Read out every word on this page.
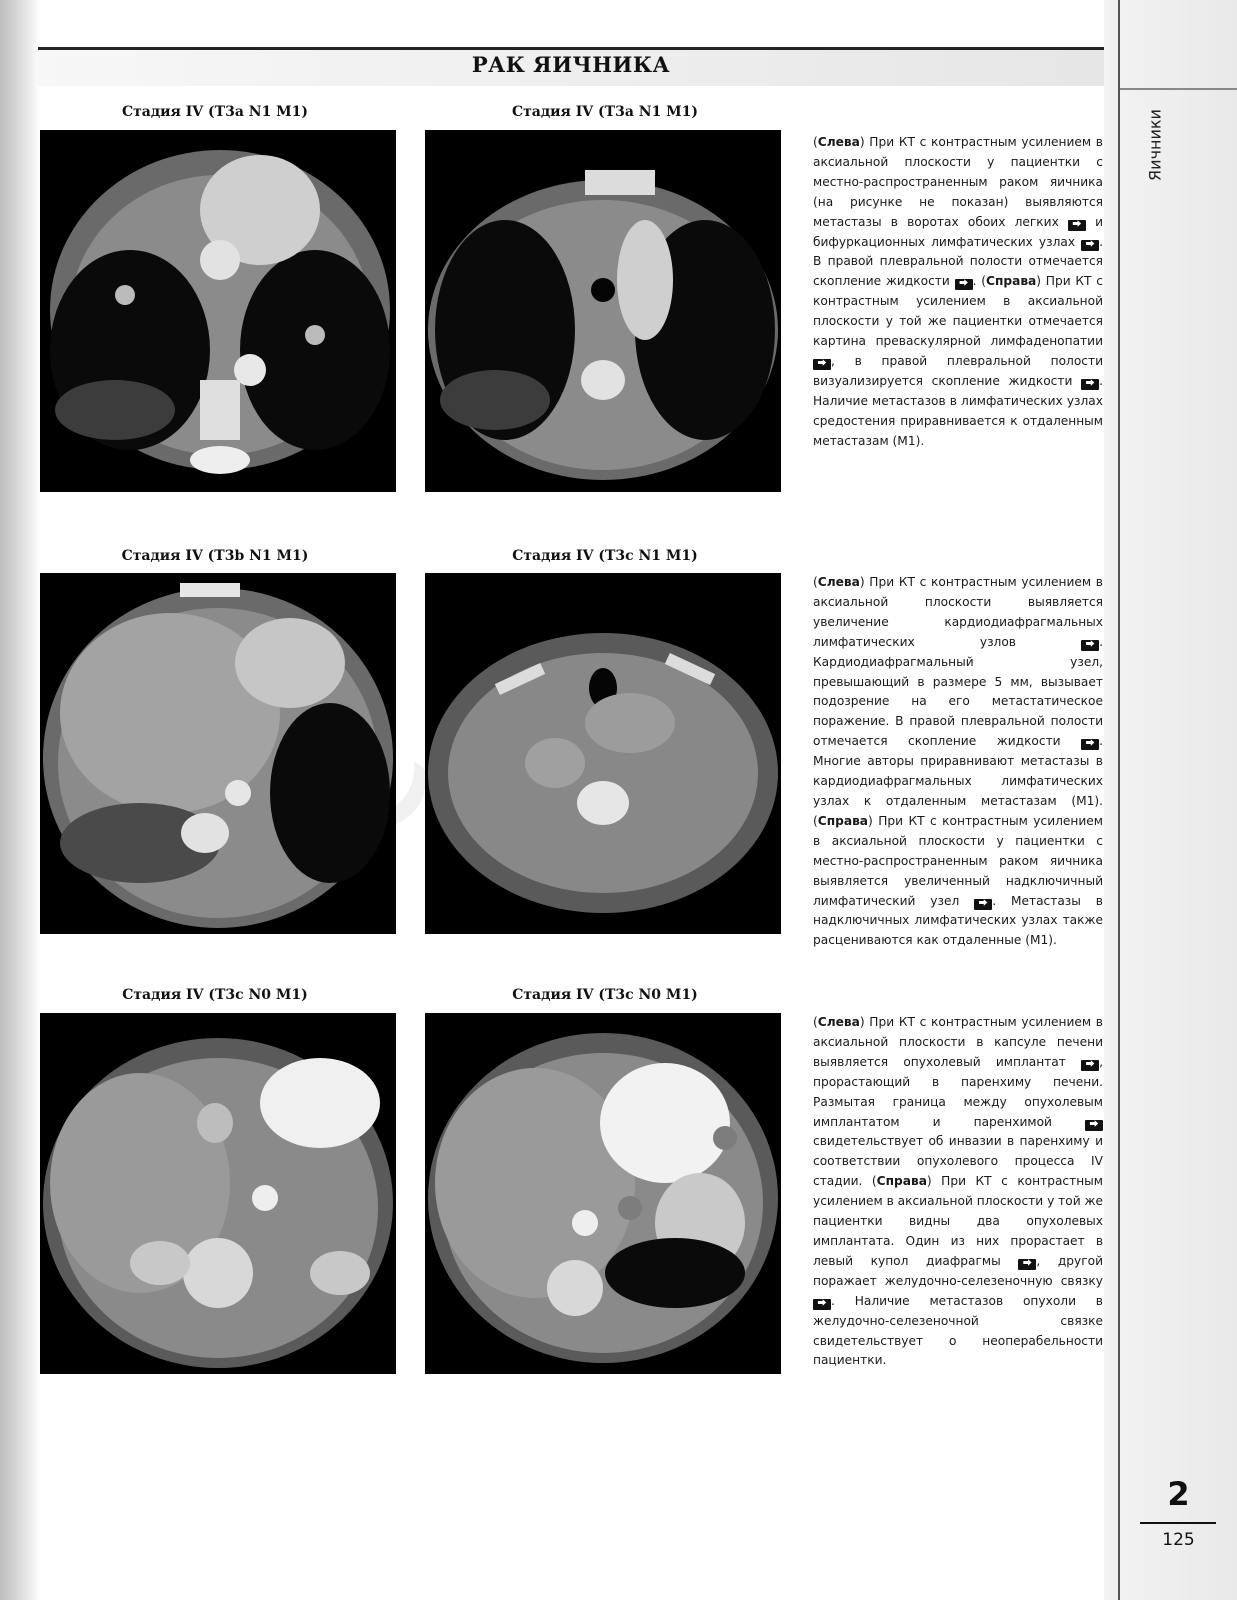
РАК ЯИЧНИКА
Яичники
2
125
Стадия IV (T3a N1 M1)	Стадия IV (T3a N1 M1)
(Слева) При КТ с контрастным усилением в аксиальной плоскости у пациентки с местно-распространенным раком яичника (на рисунке не показан) выявляются метастазы в воротах обоих легких ⮕ и бифуркационных лимфатических узлах ⮕ . В правой плевральной полости отмечается скопление жидкости ⮕ . (Справа) При КТ с контрастным усилением в аксиальной плоскости у той же пациентки отмечается картина преваскулярной лимфаденопатии ⮕ , в правой плевральной полости визуализируется скопление жидкости ⮕ . Наличие метастазов в лимфатических узлах средостения приравнивается к отдаленным метастазам (M1).
Стадия IV (T3b N1 M1)	Стадия IV (T3c N1 M1)
(Слева) При КТ с контрастным усилением в аксиальной плоскости выявляется увеличение кардиодиафрагмальных лимфатических узлов ⮕ . Кардиодиафрагмальный узел, превышающий в размере 5 мм, вызывает подозрение на его метастатическое поражение. В правой плевральной полости отмечается скопление жидкости ⮕ . Многие авторы приравнивают метастазы в кардиодиафрагмальных лимфатических узлах к отдаленным метастазам (M1). (Справа) При КТ с контрастным усилением в аксиальной плоскости у пациентки с местно-распространенным раком яичника выявляется увеличенный надключичный лимфатический узел ⮕ . Метастазы в надключичных лимфатических узлах также расцениваются как отдаленные (M1).
Стадия IV (T3c N0 M1)	Стадия IV (T3c N0 M1)
(Слева) При КТ с контрастным усилением в аксиальной плоскости в капсуле печени выявляется опухолевый имплантат ⮕ , прорастающий в паренхиму печени. Размытая граница между опухолевым имплантатом и паренхимой ⮕ свидетельствует об инвазии в паренхиму и соответствии опухолевого процесса IV стадии. (Справа) При КТ с контрастным усилением в аксиальной плоскости у той же пациентки видны два опухолевых имплантата. Один из них прорастает в левый купол диафрагмы ⮕ , другой поражает желудочно-селезеночную связку ⮕ . Наличие метастазов опухоли в желудочно-селезеночной связке свидетельствует о неоперабельности пациентки.
